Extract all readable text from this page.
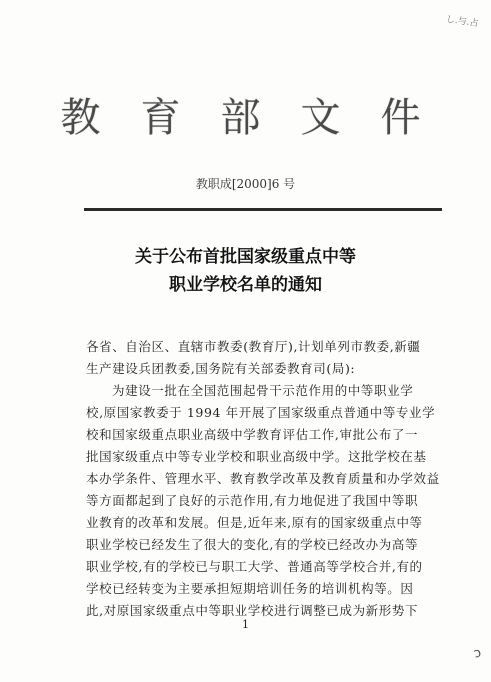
し.与.占
教育部文件
教职成[2000]6 号
关于公布首批国家级重点中等
职业学校名单的通知
各省、自治区、直辖市教委(教育厅),计划单列市教委,新疆
生产建设兵团教委,国务院有关部委教育司(局):
为建设一批在全国范围起骨干示范作用的中等职业学
校,原国家教委于 1994 年开展了国家级重点普通中等专业学
校和国家级重点职业高级中学教育评估工作,审批公布了一
批国家级重点中等专业学校和职业高级中学。这批学校在基
本办学条件、管理水平、教育教学改革及教育质量和办学效益
等方面都起到了良好的示范作用,有力地促进了我国中等职
业教育的改革和发展。但是,近年来,原有的国家级重点中等
职业学校已经发生了很大的变化,有的学校已经改办为高等
职业学校,有的学校已与职工大学、普通高等学校合并,有的
学校已经转变为主要承担短期培训任务的培训机构等。因
此,对原国家级重点中等职业学校进行调整已成为新形势下
1
ɔ
